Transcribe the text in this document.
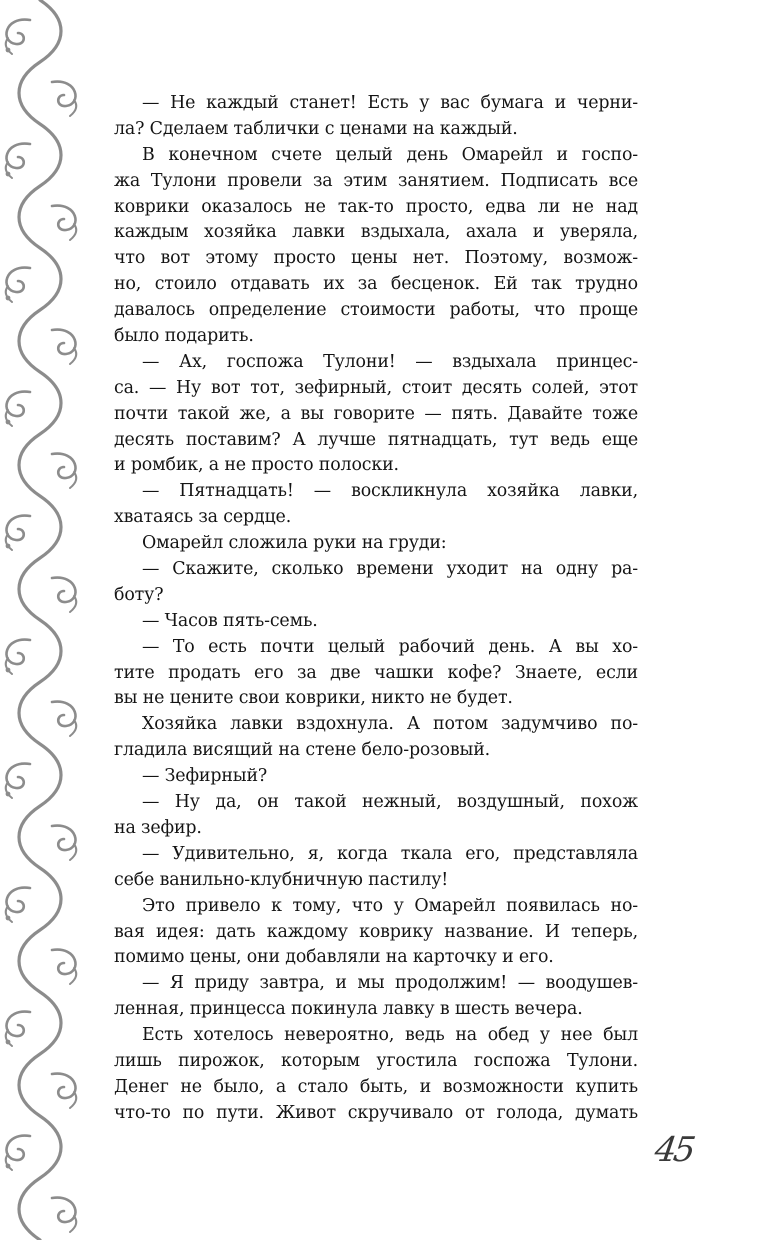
— Не каждый станет! Есть у вас бумага и черни-
ла? Сделаем таблички с ценами на каждый.
В конечном счете целый день Омарейл и госпо-
жа Тулони провели за этим занятием. Подписать все
коврики оказалось не так-то просто, едва ли не над
каждым хозяйка лавки вздыхала, ахала и уверяла,
что вот этому просто цены нет. Поэтому, возмож-
но, стоило отдавать их за бесценок. Ей так трудно
давалось определение стоимости работы, что проще
было подарить.
— Ах, госпожа Тулони! — вздыхала принцес-
са. — Ну вот тот, зефирный, стоит десять солей, этот
почти такой же, а вы говорите — пять. Давайте тоже
десять поставим? А лучше пятнадцать, тут ведь еще
и ромбик, а не просто полоски.
— Пятнадцать! — воскликнула хозяйка лавки,
хватаясь за сердце.
Омарейл сложила руки на груди:
— Скажите, сколько времени уходит на одну ра-
боту?
— Часов пять-семь.
— То есть почти целый рабочий день. А вы хо-
тите продать его за две чашки кофе? Знаете, если
вы не цените свои коврики, никто не будет.
Хозяйка лавки вздохнула. А потом задумчиво по-
гладила висящий на стене бело-розовый.
— Зефирный?
— Ну да, он такой нежный, воздушный, похож
на зефир.
— Удивительно, я, когда ткала его, представляла
себе ванильно-клубничную пастилу!
Это привело к тому, что у Омарейл появилась но-
вая идея: дать каждому коврику название. И теперь,
помимо цены, они добавляли на карточку и его.
— Я приду завтра, и мы продолжим! — воодушев-
ленная, принцесса покинула лавку в шесть вечера.
Есть хотелось невероятно, ведь на обед у нее был
лишь пирожок, которым угостила госпожа Тулони.
Денег не было, а стало быть, и возможности купить
что-то по пути. Живот скручивало от голода, думать
45
